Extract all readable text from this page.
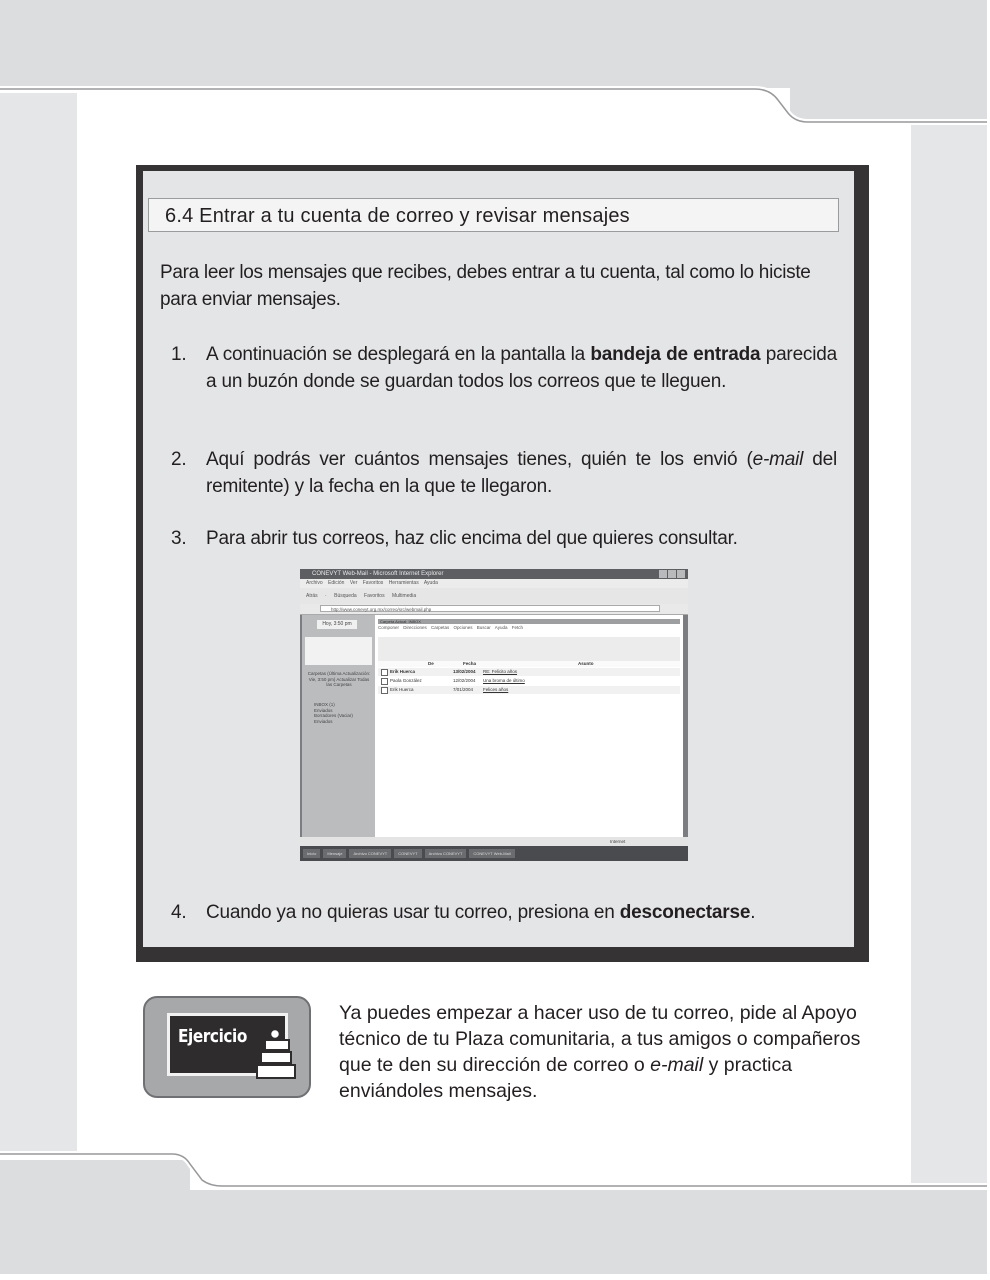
6.4 Entrar a tu cuenta de correo y revisar mensajes
Para leer los mensajes que recibes, debes entrar a tu cuenta, tal como lo hiciste para enviar mensajes.
1.	A continuación se desplegará en la pantalla la bandeja de entrada parecida a un buzón donde se guardan todos los correos que te lleguen.
2.	Aquí podrás ver cuántos mensajes tienes, quién te los envió (e-mail del remitente) y la fecha en la que te llegaron.
3.	Para abrir tus correos, haz clic encima del que quieres consultar.
4.	Cuando ya no quieras usar tu correo, presiona en desconectarse.
CONEVYT Web-Mail - Microsoft Internet Explorer
Archivo Edición Ver Favoritos Herramientas Ayuda
Atrás · Búsqueda Favoritos Multimedia
http://www.conevyt.org.mx/correo/src/webmail.php
Hoy, 3:50 pm
Carpetas (Última Actualización: Vie, 3:50 pm) Actualizar Todas las Carpetas
INBOX (1)
Enviados
Borradores (Vaciar)
Enviados
Carpeta Actual: INBOX
Componer Direcciones Carpetas Opciones Buscar Ayuda Fetch
De	Fecha	Asunto
Erik Huerca	13/02/2004 RE: Felicito años
Paola González	12/02/2004 Una broma de último
Erik Huerca	7/01/2004 Felices años
Internet
Inicio	Mensaje	Archivo CONEVYT	CONEVYT	Archivo CONEVYT	CONEVYT Web-Mail
Ejercicio
Ya puedes empezar a hacer uso de tu correo, pide al Apoyo técnico de tu Plaza comunitaria, a tus amigos o compañeros que te den su dirección de correo o e-mail y practica enviándoles mensajes.
